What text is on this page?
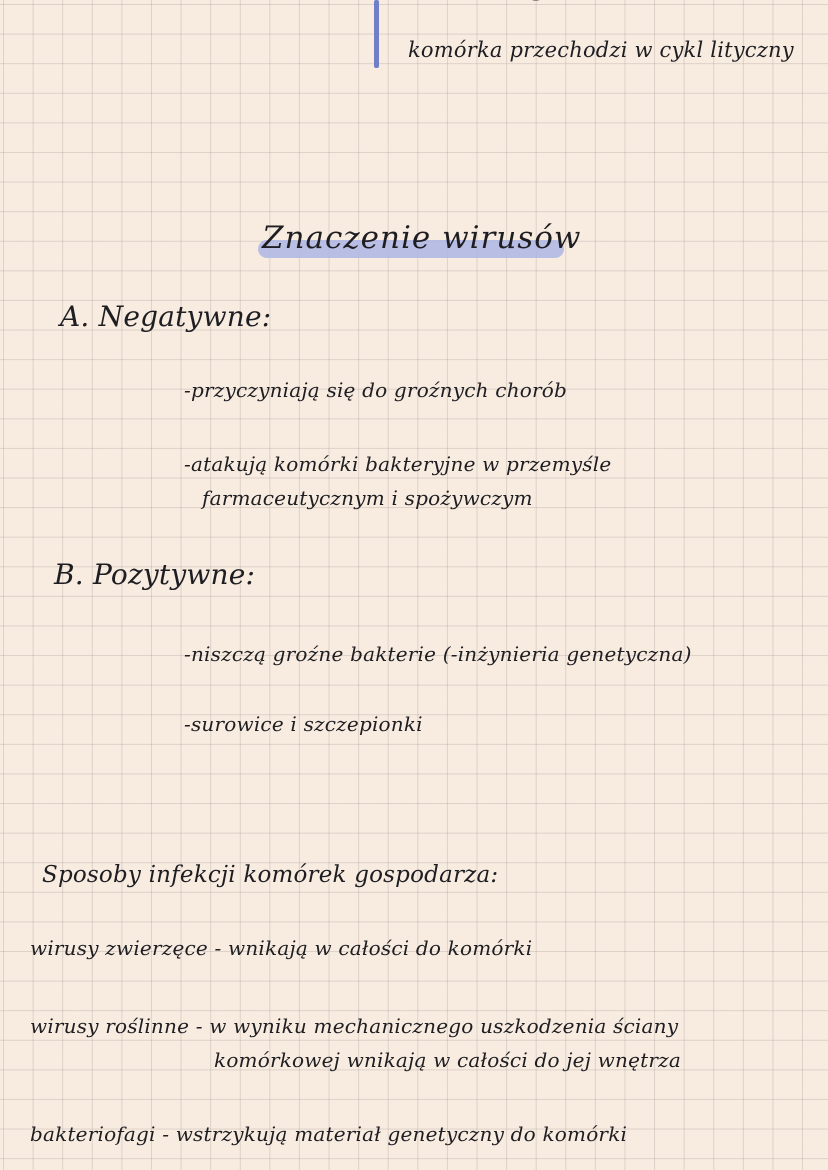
komórka przechodzi w cykl lityczny
Znaczenie wirusów
A. Negatywne:
-przyczyniają się do groźnych chorób
-atakują komórki bakteryjne w przemyśle
farmaceutycznym i spożywczym
B. Pozytywne:
-niszczą groźne bakterie (-inżynieria genetyczna)
-surowice i szczepionki
Sposoby infekcji komórek gospodarza:
wirusy zwierzęce - wnikają w całości do komórki
wirusy roślinne - w wyniku mechanicznego uszkodzenia ściany
komórkowej wnikają w całości do jej wnętrza
bakteriofagi - wstrzykują materiał genetyczny do komórki
